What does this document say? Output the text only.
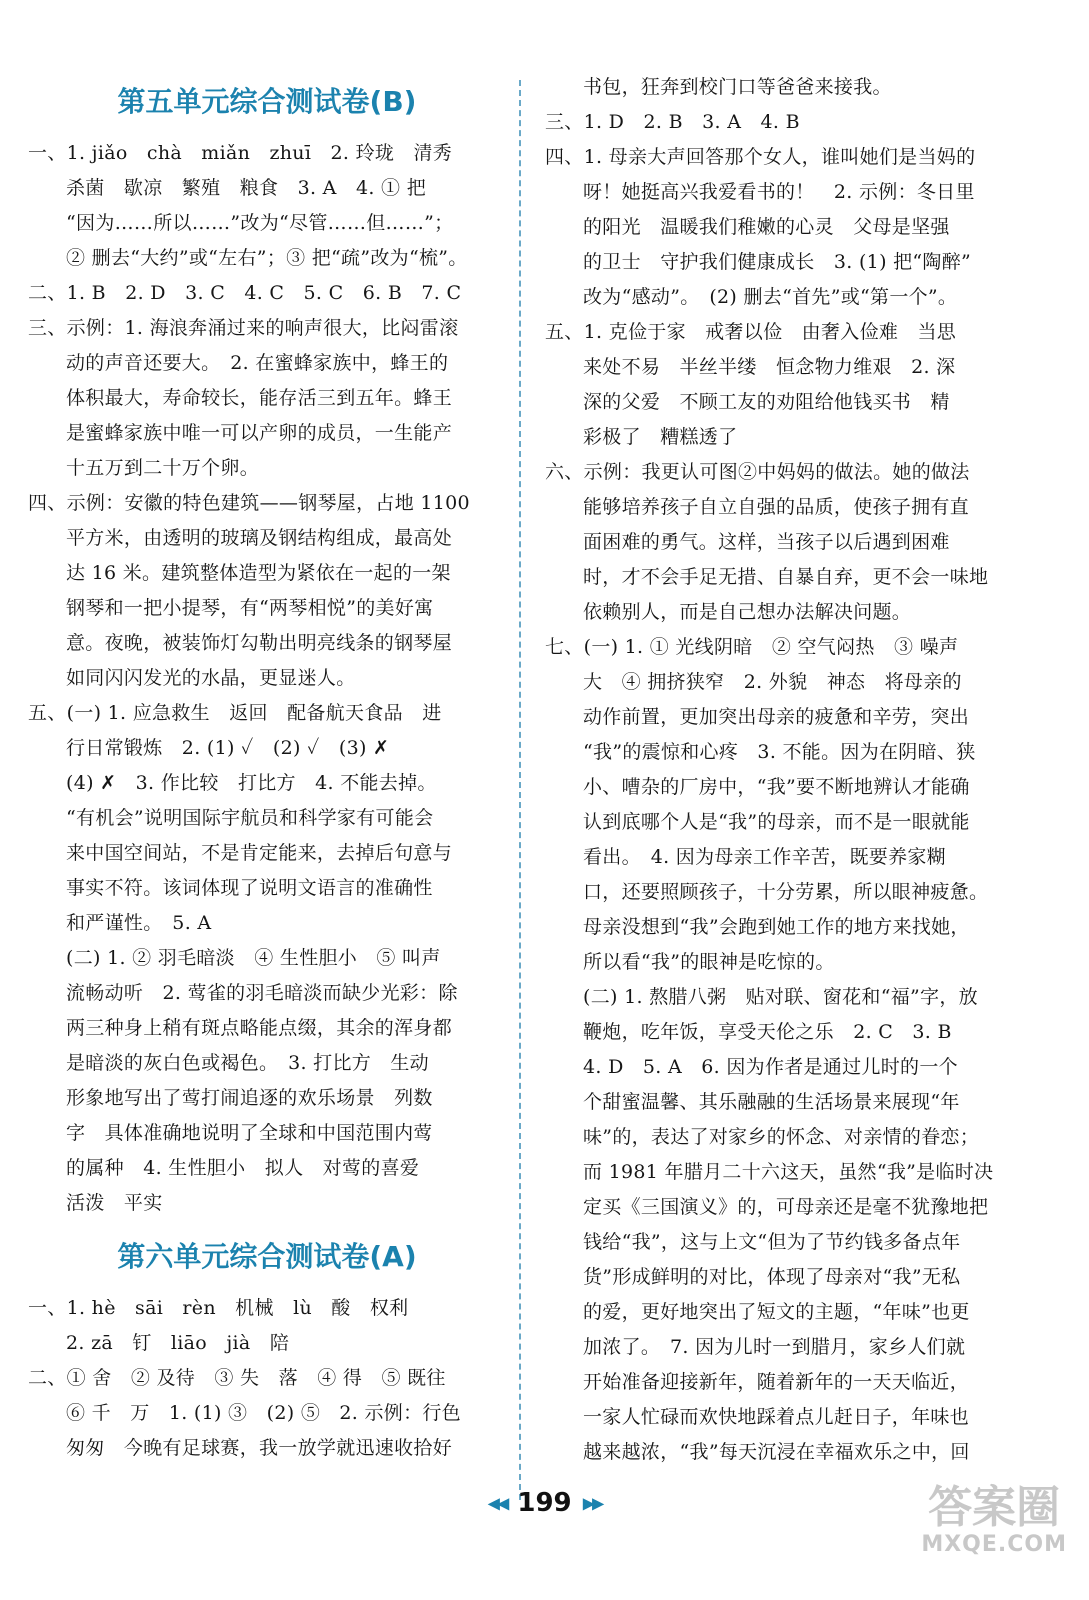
第五单元综合测试卷(B)
一、1. jiǎo　chà　miǎn　zhuī　2. 玲珑　清秀
杀菌　歇凉　繁殖　粮食　3. A　4. ① 把
“因为……所以……”改为“尽管……但……”；
② 删去“大约”或“左右”；③ 把“疏”改为“梳”。
二、1. B　2. D　3. C　4. C　5. C　6. B　7. C
三、示例：1. 海浪奔涌过来的响声很大，比闷雷滚
动的声音还要大。　2. 在蜜蜂家族中，蜂王的
体积最大，寿命较长，能存活三到五年。蜂王
是蜜蜂家族中唯一可以产卵的成员，一生能产
十五万到二十万个卵。
四、示例：安徽的特色建筑——钢琴屋，占地 1100
平方米，由透明的玻璃及钢结构组成，最高处
达 16 米。建筑整体造型为紧依在一起的一架
钢琴和一把小提琴，有“两琴相悦”的美好寓
意。夜晚，被装饰灯勾勒出明亮线条的钢琴屋
如同闪闪发光的水晶，更显迷人。
五、(一) 1. 应急救生　返回　配备航天食品　进
行日常锻炼　2. (1) ✓　(2) ✓　(3) ✗
(4) ✗　3. 作比较　打比方　4. 不能去掉。
“有机会”说明国际宇航员和科学家有可能会
来中国空间站，不是肯定能来，去掉后句意与
事实不符。该词体现了说明文语言的准确性
和严谨性。　5. A
(二) 1. ② 羽毛暗淡　④ 生性胆小　⑤ 叫声
流畅动听　2. 莺雀的羽毛暗淡而缺少光彩：除
两三种身上稍有斑点略能点缀，其余的浑身都
是暗淡的灰白色或褐色。　3. 打比方　生动
形象地写出了莺打闹追逐的欢乐场景　列数
字　具体准确地说明了全球和中国范围内莺
的属种　4. 生性胆小　拟人　对莺的喜爱
活泼　平实
第六单元综合测试卷(A)
一、1. hè　sāi　rèn　机械　lù　酸　权利
2. zā　钉　liāo　jià　陪
二、① 舍　② 及待　③ 失　落　④ 得　⑤ 既往
⑥ 千　万　1. (1) ③　(2) ⑤　2. 示例：行色
匆匆　今晚有足球赛，我一放学就迅速收拾好
书包，狂奔到校门口等爸爸来接我。
三、1. D　2. B　3. A　4. B
四、1. 母亲大声回答那个女人，谁叫她们是当妈的
呀！她挺高兴我爱看书的！　2. 示例：冬日里
的阳光　温暖我们稚嫩的心灵　父母是坚强
的卫士　守护我们健康成长　3. (1) 把“陶醉”
改为“感动”。　(2) 删去“首先”或“第一个”。
五、1. 克俭于家　戒奢以俭　由奢入俭难　当思
来处不易　半丝半缕　恒念物力维艰　2. 深
深的父爱　不顾工友的劝阻给他钱买书　精
彩极了　糟糕透了
六、示例：我更认可图②中妈妈的做法。她的做法
能够培养孩子自立自强的品质，使孩子拥有直
面困难的勇气。这样，当孩子以后遇到困难
时，才不会手足无措、自暴自弃，更不会一味地
依赖别人，而是自己想办法解决问题。
七、(一) 1. ① 光线阴暗　② 空气闷热　③ 噪声
大　④ 拥挤狭窄　2. 外貌　神态　将母亲的
动作前置，更加突出母亲的疲惫和辛劳，突出
“我”的震惊和心疼　3. 不能。因为在阴暗、狭
小、嘈杂的厂房中，“我”要不断地辨认才能确
认到底哪个人是“我”的母亲，而不是一眼就能
看出。　4. 因为母亲工作辛苦，既要养家糊
口，还要照顾孩子，十分劳累，所以眼神疲惫。
母亲没想到“我”会跑到她工作的地方来找她，
所以看“我”的眼神是吃惊的。
(二) 1. 熬腊八粥　贴对联、窗花和“福”字，放
鞭炮，吃年饭，享受天伦之乐　2. C　3. B
4. D　5. A　6. 因为作者是通过儿时的一个
个甜蜜温馨、其乐融融的生活场景来展现“年
味”的，表达了对家乡的怀念、对亲情的眷恋；
而 1981 年腊月二十六这天，虽然“我”是临时决
定买《三国演义》的，可母亲还是毫不犹豫地把
钱给“我”，这与上文“但为了节约钱多备点年
货”形成鲜明的对比，体现了母亲对“我”无私
的爱，更好地突出了短文的主题，“年味”也更
加浓了。　7. 因为儿时一到腊月，家乡人们就
开始准备迎接新年，随着新年的一天天临近，
一家人忙碌而欢快地踩着点儿赶日子，年味也
越来越浓，“我”每天沉浸在幸福欢乐之中，回
◀◀ 199 ▶▶	答案圈
MXQE.COM
